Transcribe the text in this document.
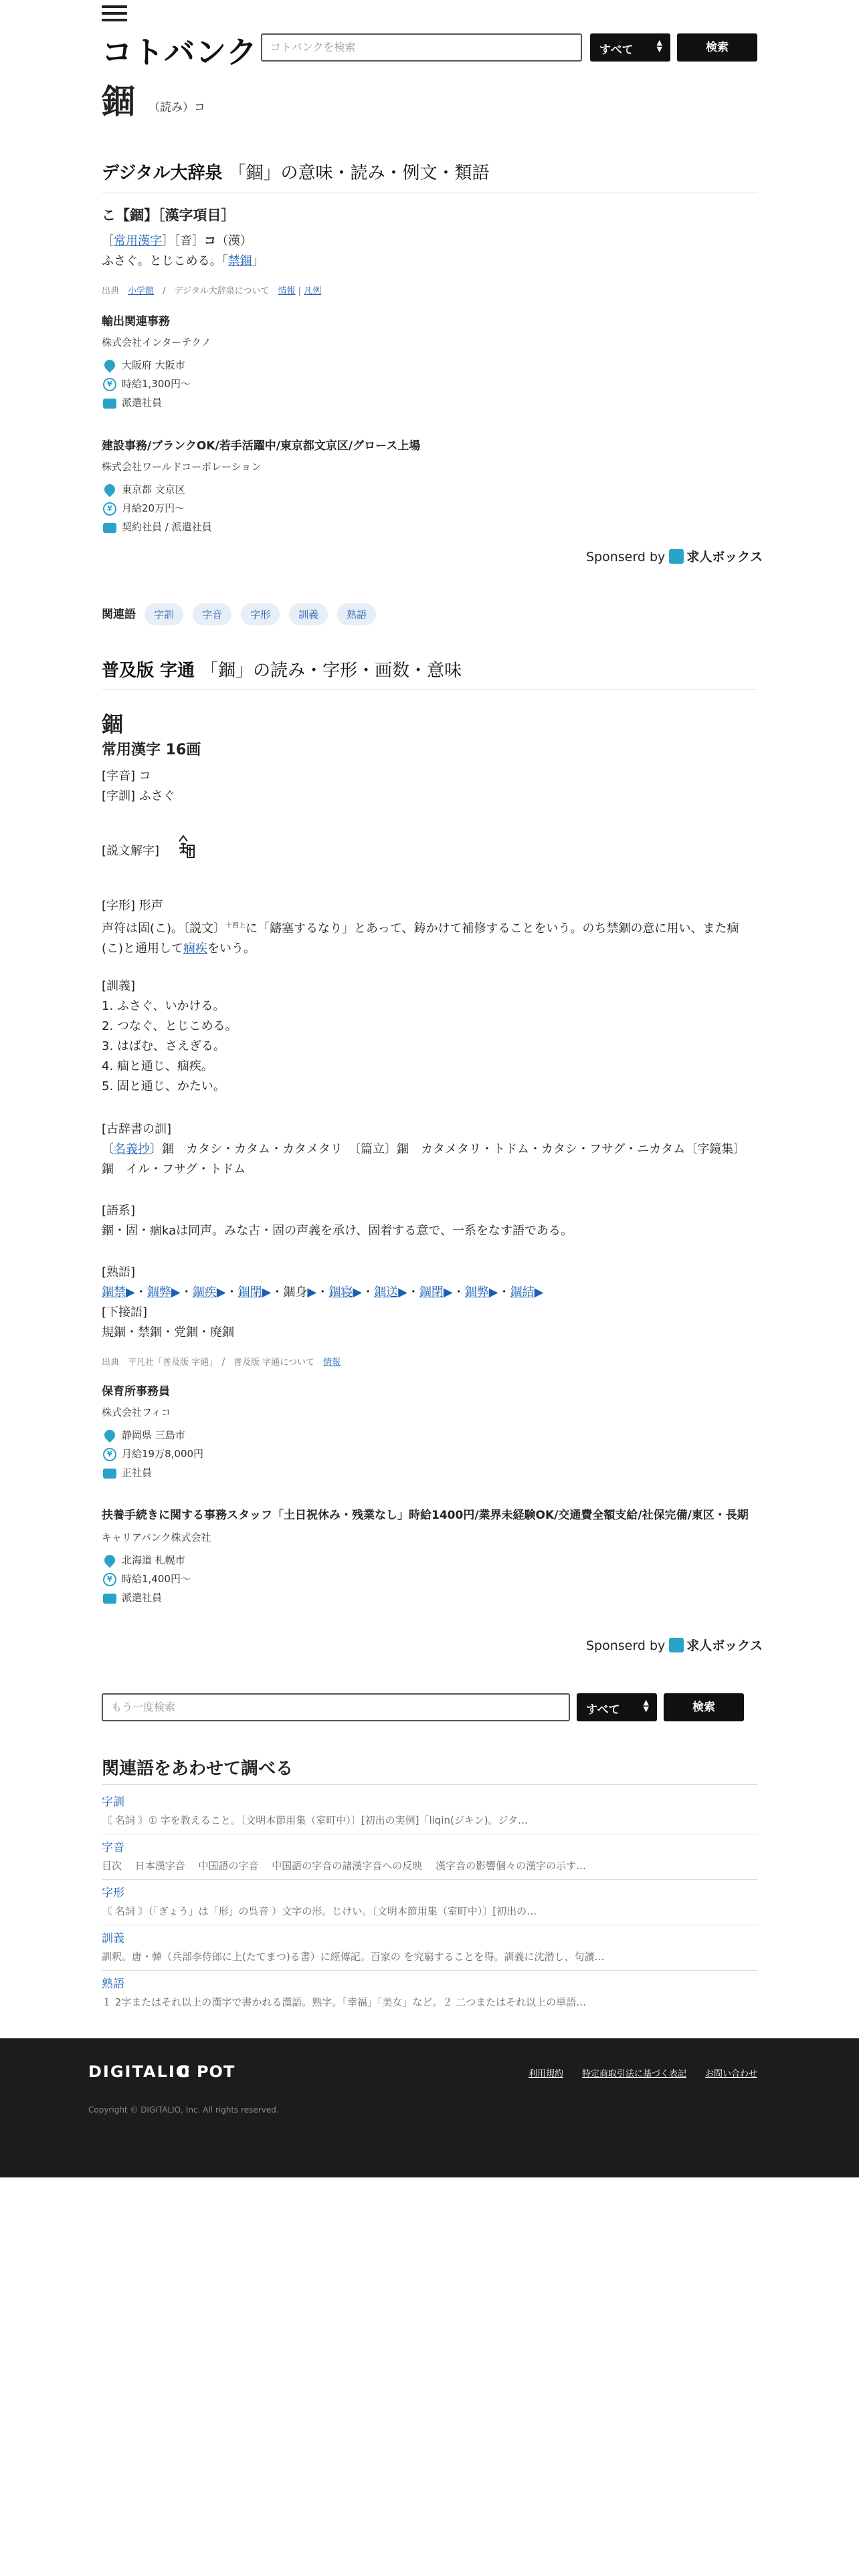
コトバンク	コトバンクを検索	すべて
▲
▼	検索
錮 （読み）コ
デジタル大辞泉 「錮」の意味・読み・例文・類語
こ【錮】［漢字項目］
［常用漢字］［音］コ（漢）
ふさぐ。とじこめる。「禁錮」
出典　 小学館　 /　 デジタル大辞泉について　 情報 | 凡例
輸出関連事務
株式会社インターテクノ
大阪府 大阪市
¥ 時給1,300円～
派遣社員
建設事務/ブランクOK/若手活躍中/東京都文京区/グロース上場
株式会社ワールドコーポレーション
東京都 文京区
¥ 月給20万円～
契約社員 / 派遣社員
Sponserd by 求人ボックス
関連語 字訓	字音	字形	訓義	熟語
普及版 字通 「錮」の読み・字形・画数・意味
錮
常用漢字 16画
[字音] コ
[字訓] ふさぐ
[説文解字]
[字形] 形声
声符は固(こ)。〔説文〕$^{十四上}$に「鑄塞するなり」とあって、鋳かけて補修することをいう。のち禁錮の意に用い、また痼
(こ)と通用して痼疾をいう。
[訓義]
1. ふさぐ、いかける。
2. つなぐ、とじこめる。
3. はばむ、さえぎる。
4. 痼と通じ、痼疾。
5. 固と通じ、かたい。
[古辞書の訓]
〔名義抄〕錮　カタシ・カタム・カタメタリ　〔篇立〕錮　カタメタリ・トドム・カタシ・フサグ・ニカタム〔字鏡集〕
錮　イル・フサグ・トドム
[語系]
錮・固・痼kaは同声。みな古・固の声義を承け、固着する意で、一系をなす語である。
[熟語]
錮禁▶・錮弊▶・錮疾▶・錮閉▶・錮身▶・錮寝▶・錮送▶・錮閉▶・錮弊▶・錮結▶
[下接語]
規錮・禁錮・党錮・廃錮
出典　 平凡社「普及版 字通」　 /　 普及版 字通について　 情報
保育所事務員
株式会社フィコ
静岡県 三島市
¥ 月給19万8,000円
正社員
扶養手続きに関する事務スタッフ「土日祝休み・残業なし」時給1400円/業界未経験OK/交通費全額支給/社保完備/東区・長期
キャリアバンク株式会社
北海道 札幌市
¥ 時給1,400円～
派遣社員
Sponserd by 求人ボックス
もう一度検索	すべて
▲
▼	検索
関連語をあわせて調べる
字訓
〘 名詞 〙① 字を教えること。〔文明本節用集（室町中）〕[初出の実例]「liqin(ジキン)。ジタ…
字音
目次　 日本漢字音　 中国語の字音　 中国語の字音の諸漢字音への反映　 漢字音の影響個々の漢字の示す…
字形
〘 名詞 〙（「ぎょう」は「形」の呉音 ）文字の形。じけい。〔文明本節用集（室町中）〕[初出の…
訓義
訓釈。唐・韓（兵部李侍郎に上(たてまつ)る書）に經傳記。百家の を究窮することを得。訓義に沈潜し、句讀…
熟語
１ 2字またはそれ以上の漢字で書かれる漢語。熟字。「幸福」「美女」など。２ 二つまたはそれ以上の単語…
DIGITALIO
C POT	利用規約 特定商取引法に基づく表記 お問い合わせ
Copyright © DIGITALIO, Inc. All rights reserved.
